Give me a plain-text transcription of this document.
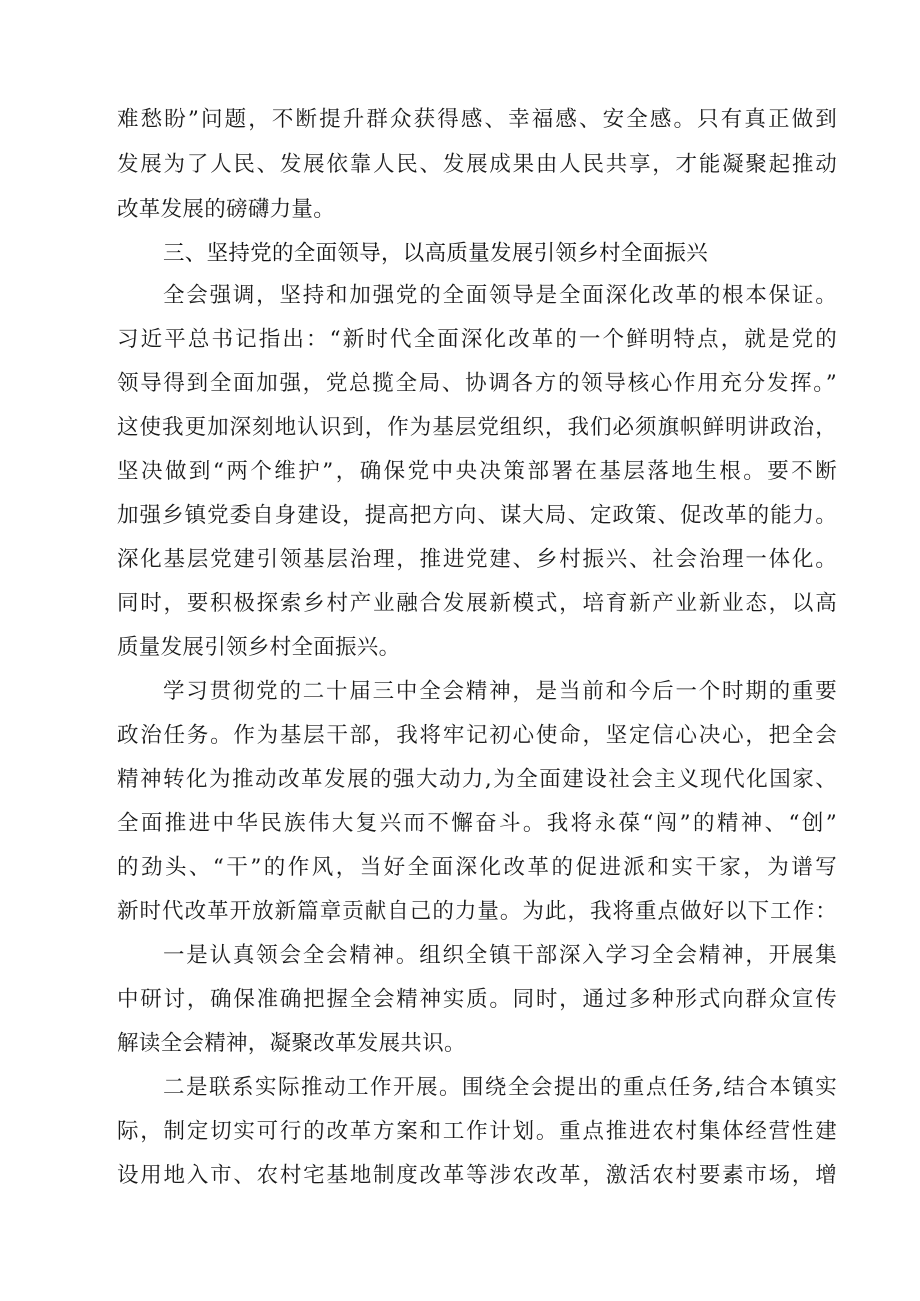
难愁盼”问题，不断提升群众获得感、幸福感、安全感。只有真正做到
发展为了人民、发展依靠人民、发展成果由人民共享，才能凝聚起推动
改革发展的磅礴力量。
三、坚持党的全面领导，以高质量发展引领乡村全面振兴
全会强调，坚持和加强党的全面领导是全面深化改革的根本保证。
习近平总书记指出：“新时代全面深化改革的一个鲜明特点，就是党的
领导得到全面加强，党总揽全局、协调各方的领导核心作用充分发挥。”
这使我更加深刻地认识到，作为基层党组织，我们必须旗帜鲜明讲政治，
坚决做到“两个维护”，确保党中央决策部署在基层落地生根。要不断
加强乡镇党委自身建设，提高把方向、谋大局、定政策、促改革的能力。
深化基层党建引领基层治理，推进党建、乡村振兴、社会治理一体化。
同时，要积极探索乡村产业融合发展新模式，培育新产业新业态，以高
质量发展引领乡村全面振兴。
学习贯彻党的二十届三中全会精神，是当前和今后一个时期的重要
政治任务。作为基层干部，我将牢记初心使命，坚定信心决心，把全会
精神转化为推动改革发展的强大动力,为全面建设社会主义现代化国家、
全面推进中华民族伟大复兴而不懈奋斗。我将永葆“闯”的精神、“创”
的劲头、“干”的作风，当好全面深化改革的促进派和实干家，为谱写
新时代改革开放新篇章贡献自己的力量。为此，我将重点做好以下工作：
一是认真领会全会精神。组织全镇干部深入学习全会精神，开展集
中研讨，确保准确把握全会精神实质。同时，通过多种形式向群众宣传
解读全会精神，凝聚改革发展共识。
二是联系实际推动工作开展。围绕全会提出的重点任务,结合本镇实
际，制定切实可行的改革方案和工作计划。重点推进农村集体经营性建
设用地入市、农村宅基地制度改革等涉农改革，激活农村要素市场，增
